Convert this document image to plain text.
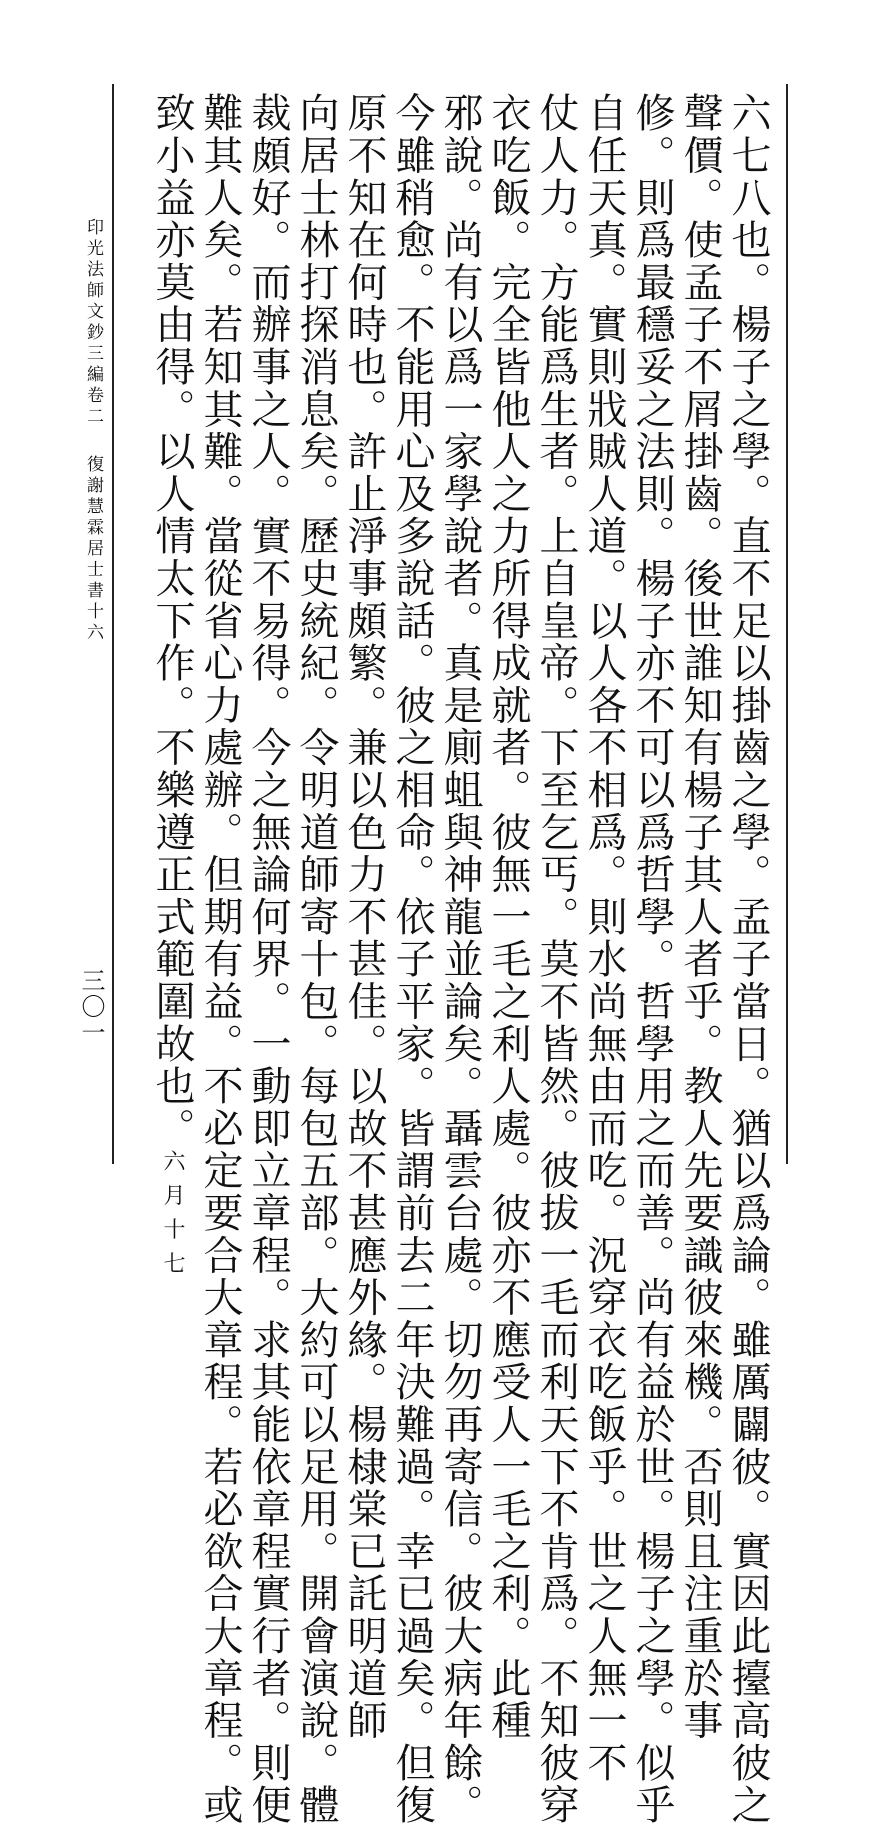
六七八也。楊子之學。直不足以掛齒之學。孟子當日。猶以爲論。雖厲闢彼。實因此擡高彼之
聲價。使孟子不屑掛齒。後世誰知有楊子其人者乎。教人先要識彼來機。否則且注重於事
修。則爲最穩妥之法則。楊子亦不可以爲哲學。哲學用之而善。尚有益於世。楊子之學。似乎
自任天真。實則戕賊人道。以人各不相爲。則水尚無由而吃。況穿衣吃飯乎。世之人無一不
仗人力。方能爲生者。上自皇帝。下至乞丐。莫不皆然。彼拔一毛而利天下不肯爲。不知彼穿
衣吃飯。完全皆他人之力所得成就者。彼無一毛之利人處。彼亦不應受人一毛之利。此種
邪說。尚有以爲一家學說者。真是廁蛆與神龍並論矣。聶雲台處。切勿再寄信。彼大病年餘。
今雖稍愈。不能用心及多說話。彼之相命。依子平家。皆謂前去二年決難過。幸已過矣。但復
原不知在何時也。許止淨事頗繁。兼以色力不甚佳。以故不甚應外緣。楊棣棠已託明道師
向居士林打探消息矣。歷史統紀。令明道師寄十包。每包五部。大約可以足用。開會演說。體
裁頗好。而辦事之人。實不易得。今之無論何界。一動即立章程。求其能依章程實行者。則便
難其人矣。若知其難。當從省心力處辦。但期有益。不必定要合大章程。若必欲合大章程。或
致小益亦莫由得。以人情太下作。不樂遵正式範圍故也。六月十七
印光法師文鈔三編卷二
復謝慧霖居士書十六
三〇一
